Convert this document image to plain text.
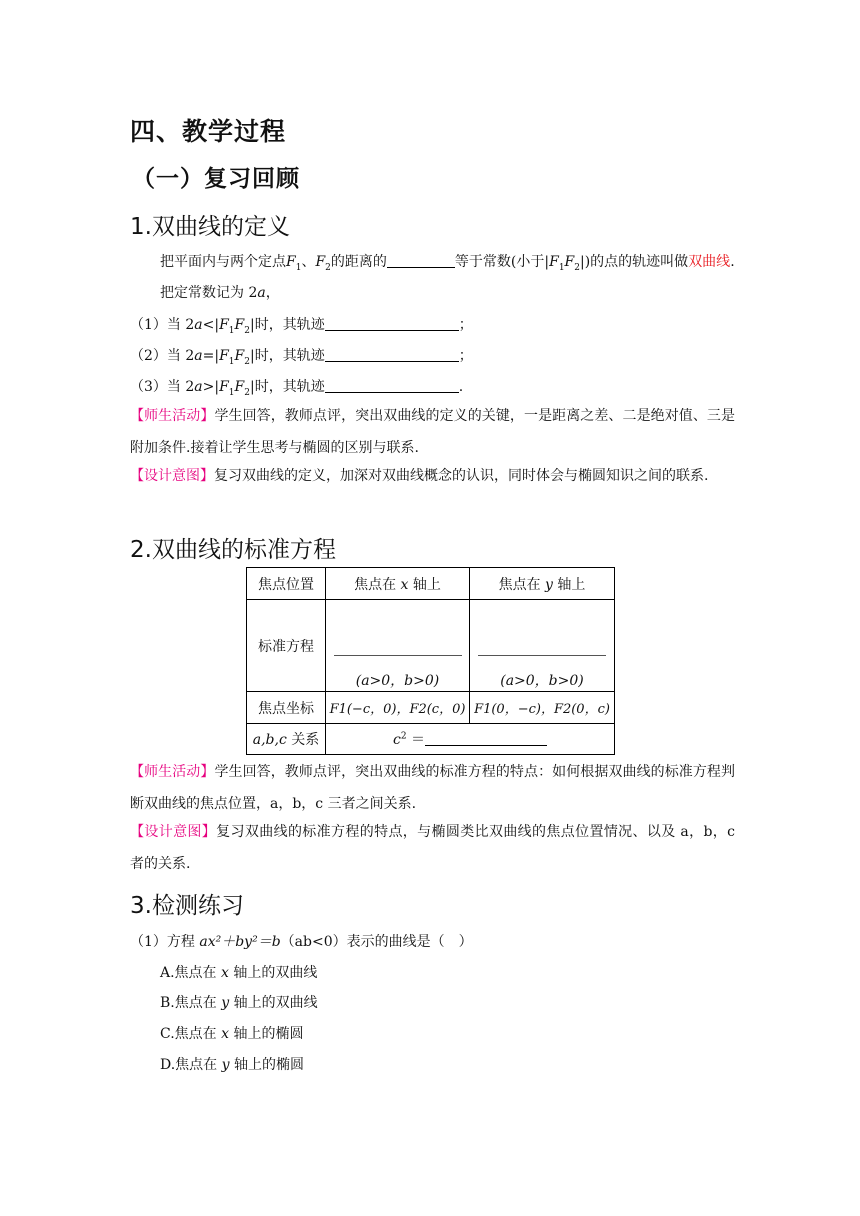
四、教学过程
（一）复习回顾
1.双曲线的定义
把平面内与两个定点$F_1$、$F_2$的距离的	等于常数(小于$|F_1F_2|$)的点的轨迹叫做双曲线.
把定常数记为 2a，
（1）当 $2a<|F_1F_2|$时，其轨迹	；
（2）当 $2a=|F_1F_2|$时，其轨迹	；
（3）当 $2a>|F_1F_2|$时，其轨迹	.
【师生活动】学生回答，教师点评，突出双曲线的定义的关键，一是距离之差、二是绝对值、三是附加条件.接着让学生思考与椭圆的区别与联系.
【设计意图】复习双曲线的定义，加深对双曲线概念的认识，同时体会与椭圆知识之间的联系.
2.双曲线的标准方程
焦点位置	焦点在 x 轴上	焦点在 y 轴上
标准方程	(a>0，b>0)	(a>0，b>0)

焦点坐标	F1(−c，0)，F2(c，0)	F1(0，−c)，F2(0，c)
a,b,c 关系	$c^2$ ＝	
【师生活动】学生回答，教师点评，突出双曲线的标准方程的特点：如何根据双曲线的标准方程判断双曲线的焦点位置，a，b，c 三者之间关系.
【设计意图】复习双曲线的标准方程的特点，与椭圆类比双曲线的焦点位置情况、以及 a，b，c 者的关系.
3.检测练习
（1）方程 ax²＋by²＝b（ab<0）表示的曲线是（　）
A.焦点在 x 轴上的双曲线
B.焦点在 y 轴上的双曲线
C.焦点在 x 轴上的椭圆
D.焦点在 y 轴上的椭圆
